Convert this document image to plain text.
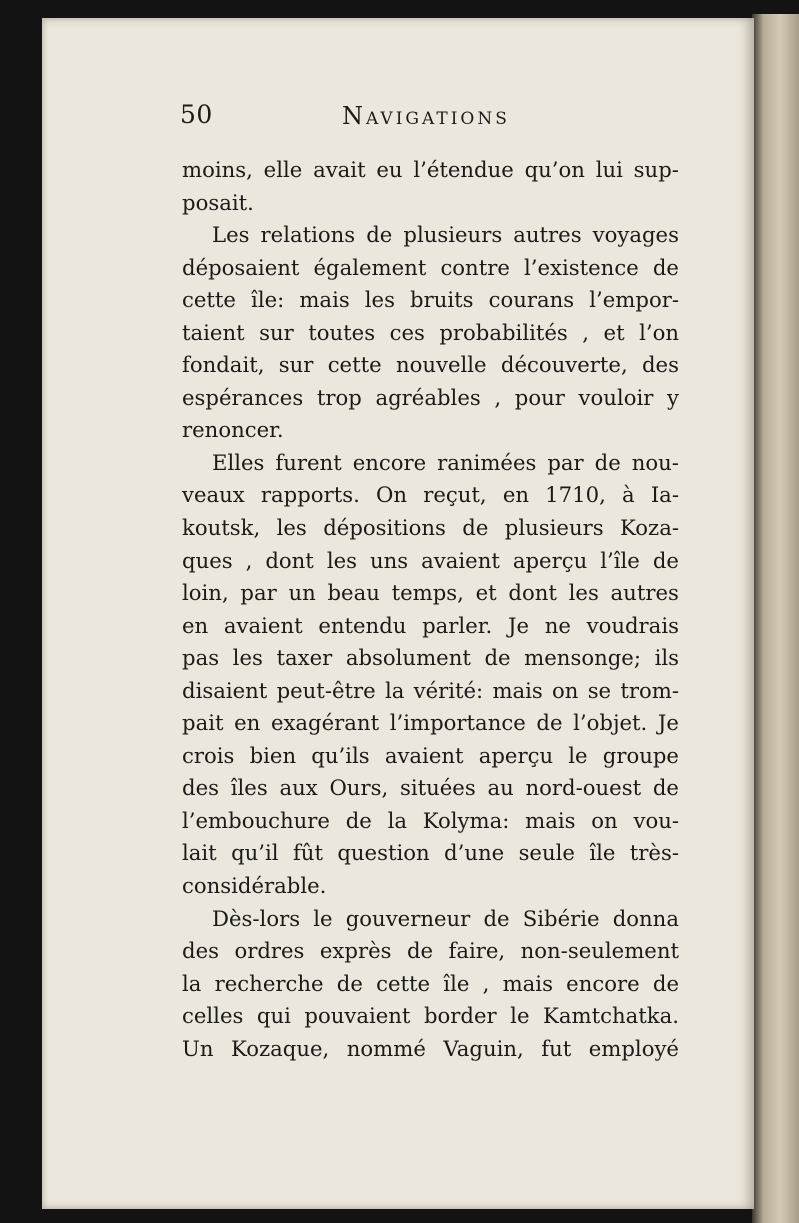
50	Navigations
moins, elle avait eu l’étendue qu’on lui sup-
posait.
Les relations de plusieurs autres voyages
déposaient également contre l’existence de
cette île: mais les bruits courans l’empor-
taient sur toutes ces probabilités , et l’on
fondait, sur cette nouvelle découverte, des
espérances trop agréables , pour vouloir y
renoncer.
Elles furent encore ranimées par de nou-
veaux rapports. On reçut, en 1710, à Ia-
koutsk, les dépositions de plusieurs Koza-
ques , dont les uns avaient aperçu l’île de
loin, par un beau temps, et dont les autres
en avaient entendu parler. Je ne voudrais
pas les taxer absolument de mensonge; ils
disaient peut-être la vérité: mais on se trom-
pait en exagérant l’importance de l’objet. Je
crois bien qu’ils avaient aperçu le groupe
des îles aux Ours, situées au nord-ouest de
l’embouchure de la Kolyma: mais on vou-
lait qu’il fût question d’une seule île très-
considérable.
Dès-lors le gouverneur de Sibérie donna
des ordres exprès de faire, non-seulement
la recherche de cette île , mais encore de
celles qui pouvaient border le Kamtchatka.
Un Kozaque, nommé Vaguin, fut employé
